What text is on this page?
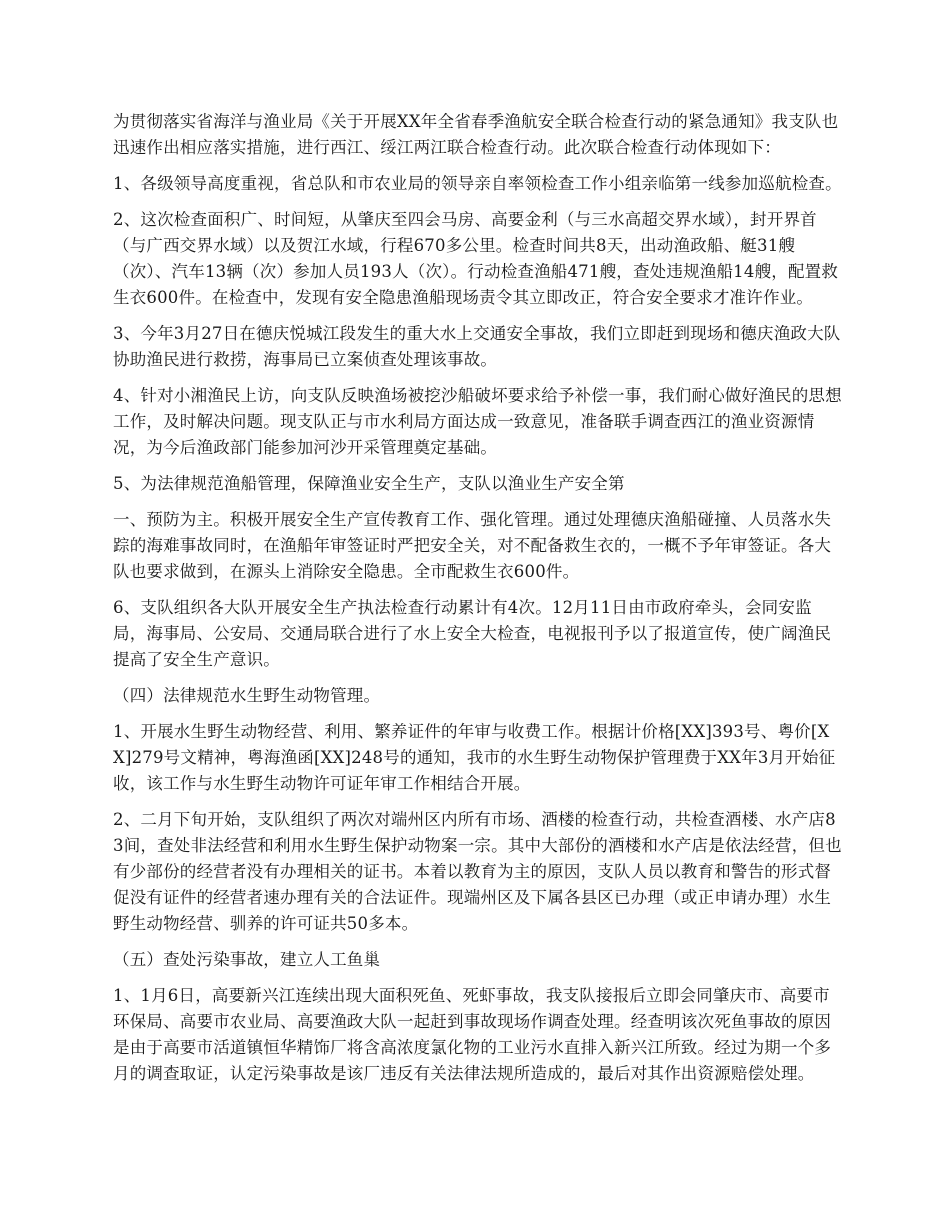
为贯彻落实省海洋与渔业局《关于开展XX年全省春季渔航安全联合检查行动的紧急通知》我支队也迅速作出相应落实措施，进行西江、绥江两江联合检查行动。此次联合检查行动体现如下：

1、各级领导高度重视，省总队和市农业局的领导亲自率领检查工作小组亲临第一线参加巡航检查。

2、这次检查面积广、时间短，从肇庆至四会马房、高要金利（与三水高超交界水域），封开界首（与广西交界水域）以及贺江水域，行程670多公里。检查时间共8天，出动渔政船、艇31艘（次）、汽车13辆（次）参加人员193人（次）。行动检查渔船471艘，查处违规渔船14艘，配置救生衣600件。在检查中，发现有安全隐患渔船现场责令其立即改正，符合安全要求才准许作业。

3、今年3月27日在德庆悦城江段发生的重大水上交通安全事故，我们立即赶到现场和德庆渔政大队协助渔民进行救捞，海事局已立案侦查处理该事故。

4、针对小湘渔民上访，向支队反映渔场被挖沙船破坏要求给予补偿一事，我们耐心做好渔民的思想工作，及时解决问题。现支队正与市水利局方面达成一致意见，准备联手调查西江的渔业资源情况，为今后渔政部门能参加河沙开采管理奠定基础。

5、为法律规范渔船管理，保障渔业安全生产，支队以渔业生产安全第

一、预防为主。积极开展安全生产宣传教育工作、强化管理。通过处理德庆渔船碰撞、人员落水失踪的海难事故同时，在渔船年审签证时严把安全关，对不配备救生衣的，一概不予年审签证。各大队也要求做到，在源头上消除安全隐患。全市配救生衣600件。

6、支队组织各大队开展安全生产执法检查行动累计有4次。12月11日由市政府牵头，会同安监局，海事局、公安局、交通局联合进行了水上安全大检查，电视报刊予以了报道宣传，使广阔渔民提高了安全生产意识。

（四）法律规范水生野生动物管理。

1、开展水生野生动物经营、利用、繁养证件的年审与收费工作。根据计价格[XX]393号、粤价[XX]279号文精神，粤海渔函[XX]248号的通知，我市的水生野生动物保护管理费于XX年3月开始征收，该工作与水生野生动物许可证年审工作相结合开展。

2、二月下旬开始，支队组织了两次对端州区内所有市场、酒楼的检查行动，共检查酒楼、水产店83间，查处非法经营和利用水生野生保护动物案一宗。其中大部份的酒楼和水产店是依法经营，但也有少部份的经营者没有办理相关的证书。本着以教育为主的原因，支队人员以教育和警告的形式督促没有证件的经营者速办理有关的合法证件。现端州区及下属各县区已办理（或正申请办理）水生野生动物经营、驯养的许可证共50多本。

（五）查处污染事故，建立人工鱼巢

1、1月6日，高要新兴江连续出现大面积死鱼、死虾事故，我支队接报后立即会同肇庆市、高要市环保局、高要市农业局、高要渔政大队一起赶到事故现场作调查处理。经查明该次死鱼事故的原因是由于高要市活道镇恒华精饰厂将含高浓度氯化物的工业污水直排入新兴江所致。经过为期一个多月的调查取证，认定污染事故是该厂违反有关法律法规所造成的，最后对其作出资源赔偿处理。
